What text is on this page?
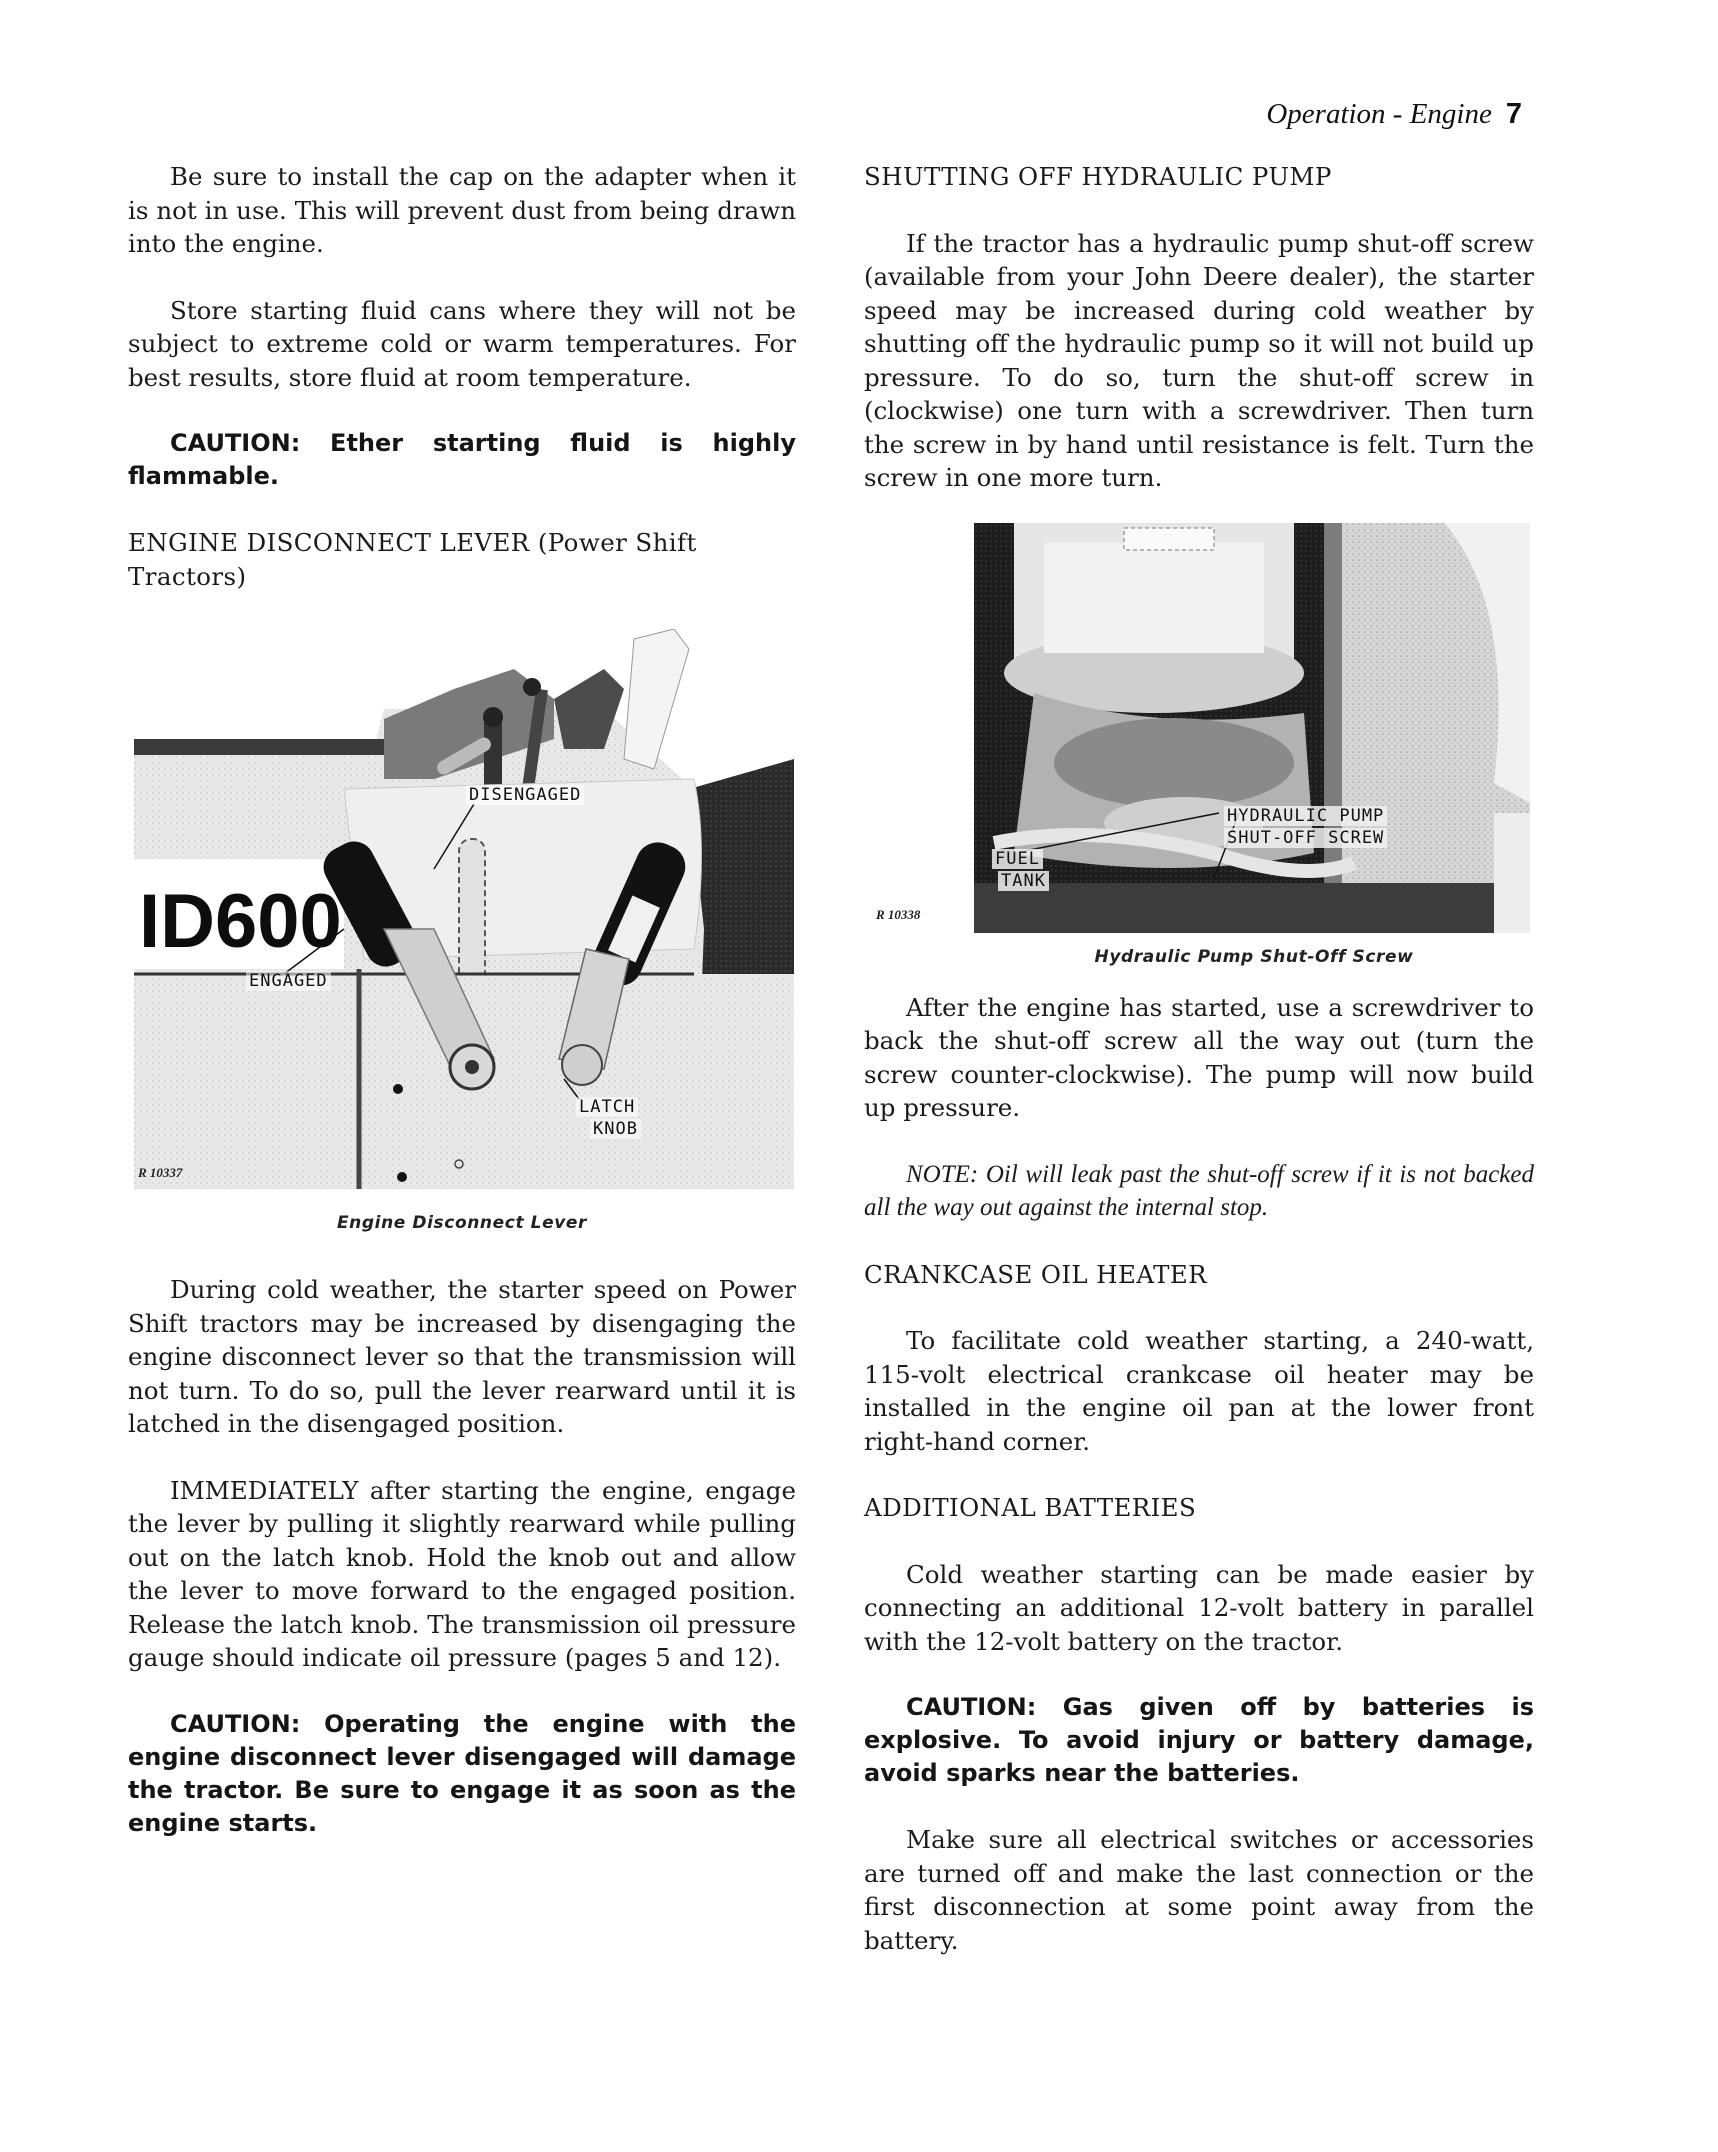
Operation - Engine 7

Be sure to install the cap on the adapter when it is not in use. This will prevent dust from being drawn into the engine.

Store starting fluid cans where they will not be subject to extreme cold or warm temperatures. For best results, store fluid at room temperature.

CAUTION: Ether starting fluid is highly flammable.

ENGINE DISCONNECT LEVER (Power Shift Tractors)
ID600
DISENGAGED
ENGAGED
LATCH
KNOB
R 10337
Engine Disconnect Lever

During cold weather, the starter speed on Power Shift tractors may be increased by disengaging the engine disconnect lever so that the transmission will not turn. To do so, pull the lever rearward until it is latched in the disengaged position.

IMMEDIATELY after starting the engine, engage the lever by pulling it slightly rearward while pulling out on the latch knob. Hold the knob out and allow the lever to move forward to the engaged position. Release the latch knob. The transmission oil pressure gauge should indicate oil pressure (pages 5 and 12).

CAUTION: Operating the engine with the engine disconnect lever disengaged will damage the tractor. Be sure to engage it as soon as the engine starts.

SHUTTING OFF HYDRAULIC PUMP

If the tractor has a hydraulic pump shut-off screw (available from your John Deere dealer), the starter speed may be increased during cold weather by shutting off the hydraulic pump so it will not build up pressure. To do so, turn the shut-off screw in (clockwise) one turn with a screwdriver. Then turn the screw in by hand until resistance is felt. Turn the screw in one more turn.

HYDRAULIC PUMP
SHUT-OFF SCREW
FUEL
TANK
R 10338
Hydraulic Pump Shut-Off Screw

After the engine has started, use a screwdriver to back the shut-off screw all the way out (turn the screw counter-clockwise). The pump will now build up pressure.

NOTE: Oil will leak past the shut-off screw if it is not backed all the way out against the internal stop.

CRANKCASE OIL HEATER

To facilitate cold weather starting, a 240-watt, 115-volt electrical crankcase oil heater may be installed in the engine oil pan at the lower front right-hand corner.

ADDITIONAL BATTERIES

Cold weather starting can be made easier by connecting an additional 12-volt battery in parallel with the 12-volt battery on the tractor.

CAUTION: Gas given off by batteries is explosive. To avoid injury or battery damage, avoid sparks near the batteries.

Make sure all electrical switches or accessories are turned off and make the last connection or the first disconnection at some point away from the battery.
